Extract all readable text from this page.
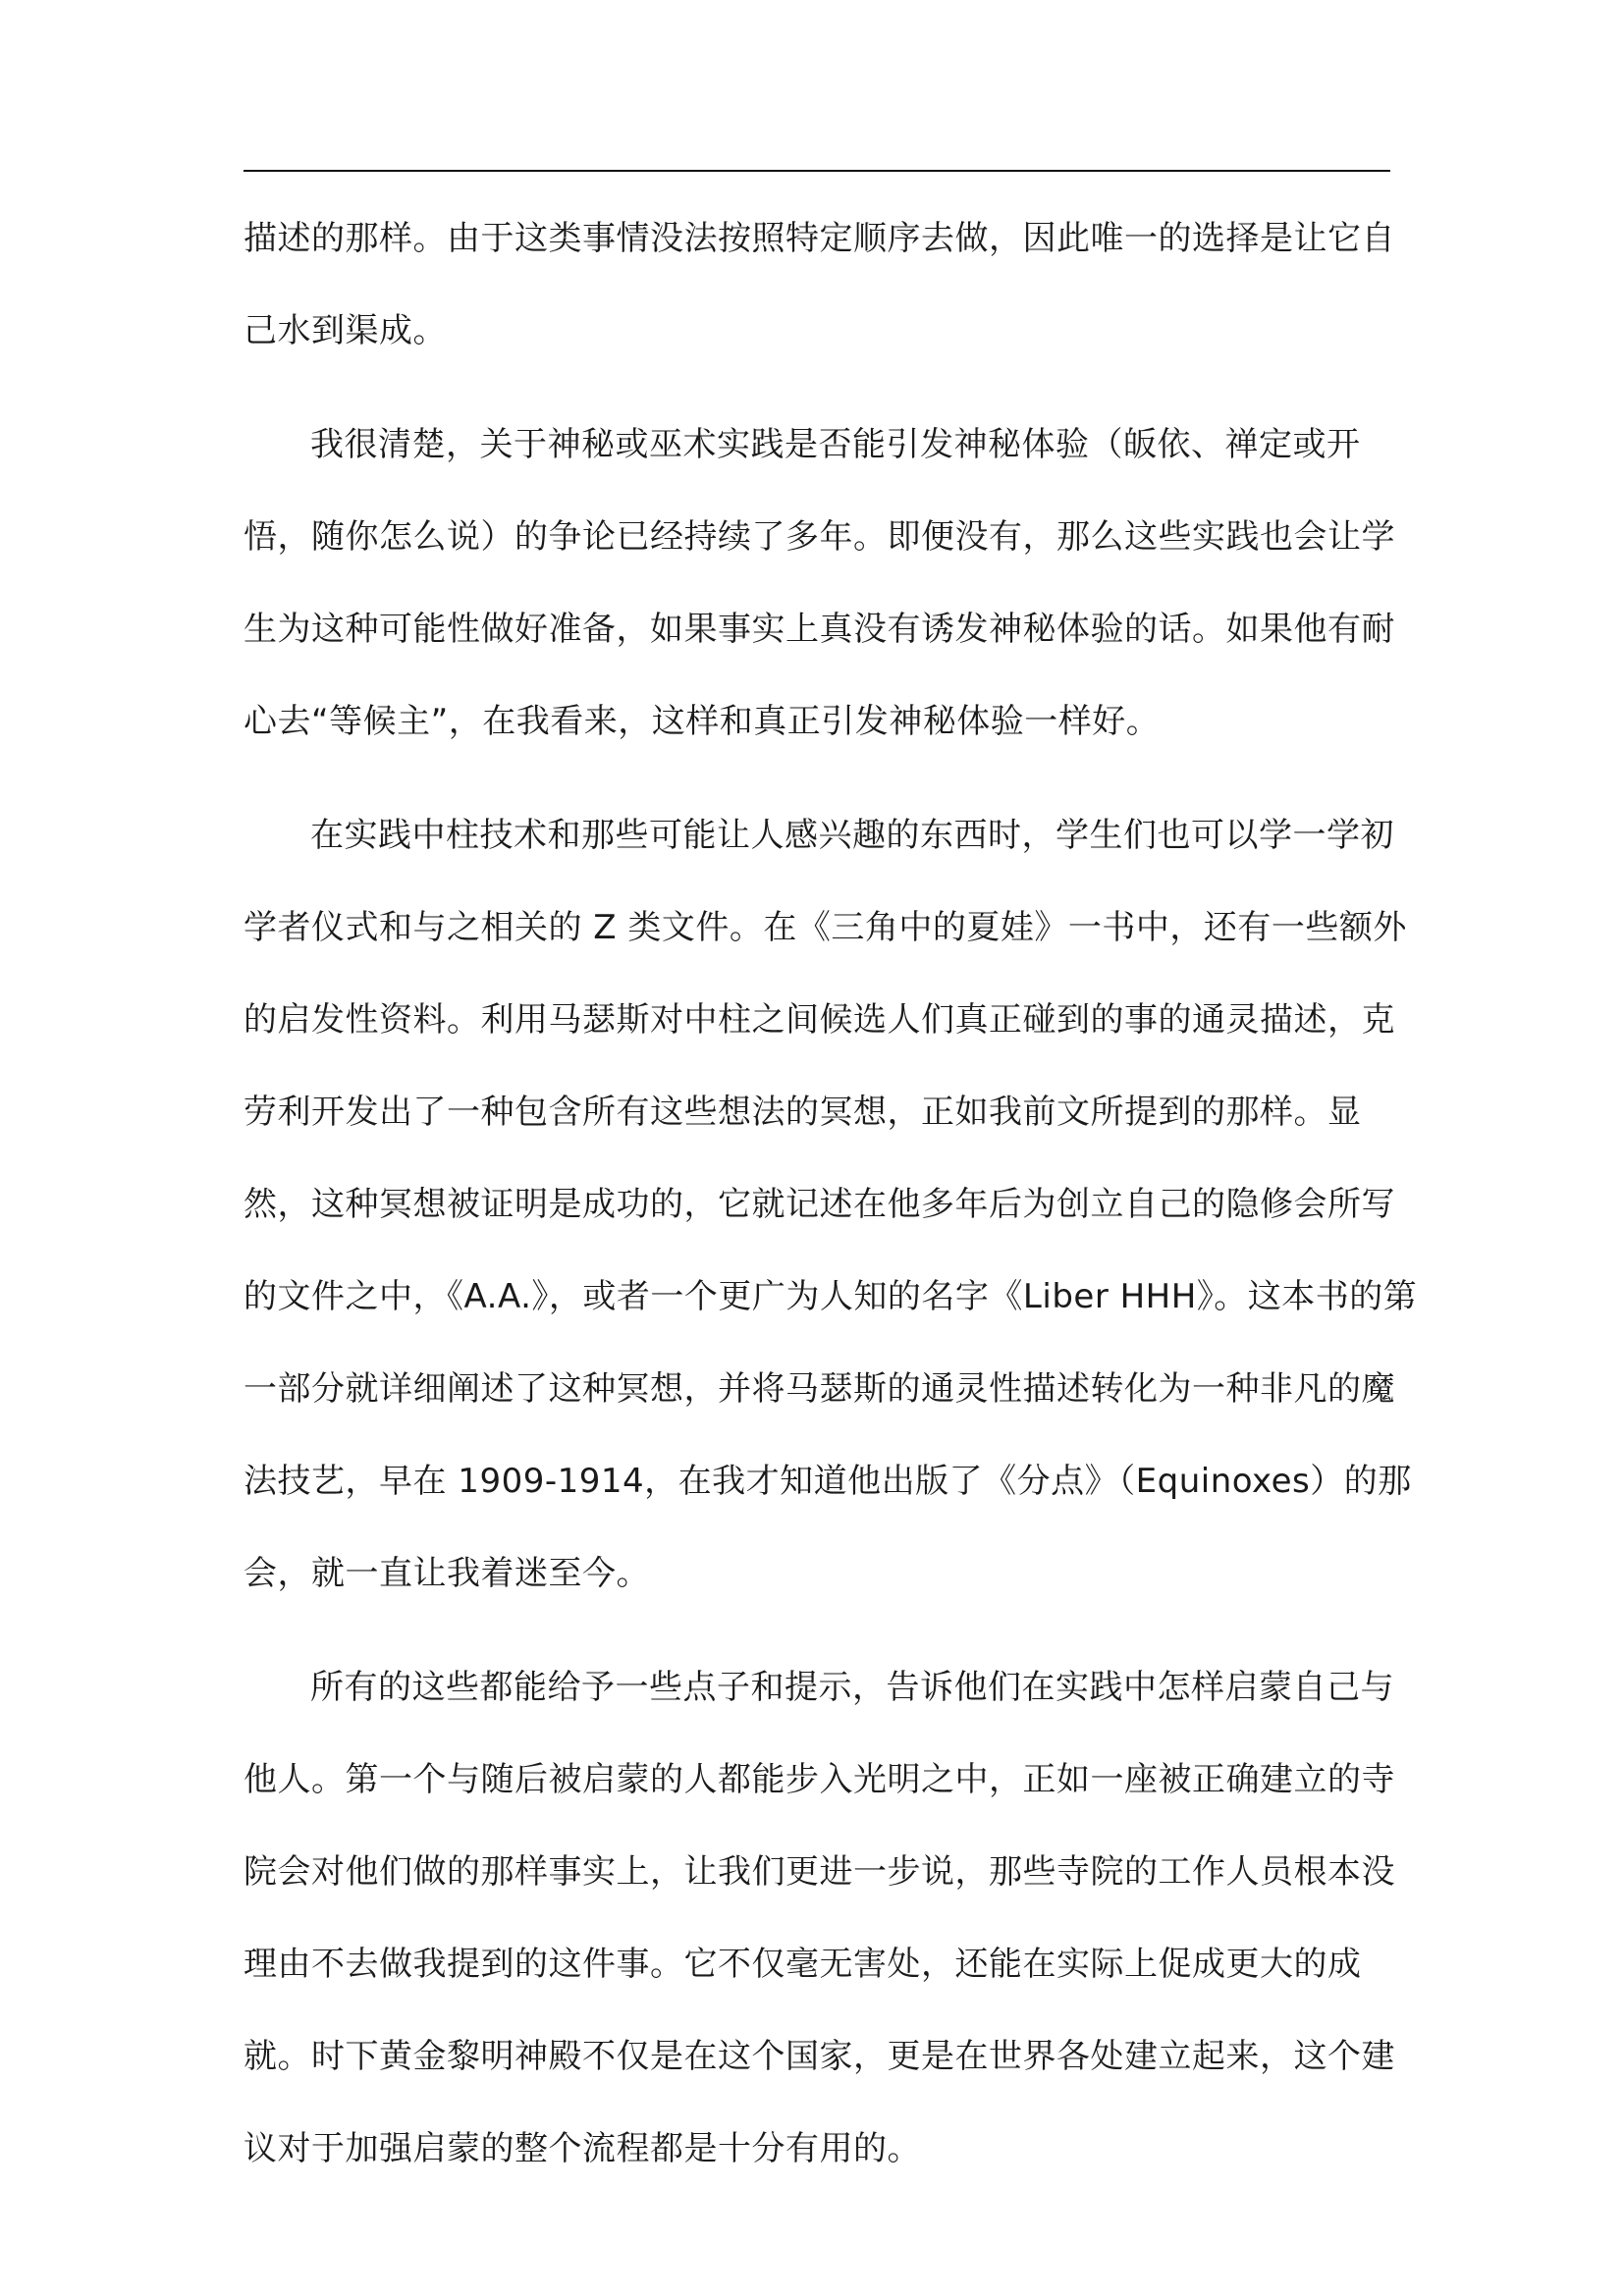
描述的那样。由于这类事情没法按照特定顺序去做，因此唯一的选择是让它自
己水到渠成。

我很清楚，关于神秘或巫术实践是否能引发神秘体验（皈依、禅定或开
悟，随你怎么说）的争论已经持续了多年。即便没有，那么这些实践也会让学
生为这种可能性做好准备，如果事实上真没有诱发神秘体验的话。如果他有耐
心去“等候主”，在我看来，这样和真正引发神秘体验一样好。

在实践中柱技术和那些可能让人感兴趣的东西时，学生们也可以学一学初
学者仪式和与之相关的 Z 类文件。在《三角中的夏娃》一书中，还有一些额外
的启发性资料。利用马瑟斯对中柱之间候选人们真正碰到的事的通灵描述，克
劳利开发出了一种包含所有这些想法的冥想，正如我前文所提到的那样。显
然，这种冥想被证明是成功的，它就记述在他多年后为创立自己的隐修会所写
的文件之中，《A.A.》，或者一个更广为人知的名字《Liber HHH》。这本书的第
一部分就详细阐述了这种冥想，并将马瑟斯的通灵性描述转化为一种非凡的魔
法技艺，早在 1909-1914，在我才知道他出版了《分点》（Equinoxes）的那
会，就一直让我着迷至今。

所有的这些都能给予一些点子和提示，告诉他们在实践中怎样启蒙自己与
他人。第一个与随后被启蒙的人都能步入光明之中，正如一座被正确建立的寺
院会对他们做的那样事实上，让我们更进一步说，那些寺院的工作人员根本没
理由不去做我提到的这件事。它不仅毫无害处，还能在实际上促成更大的成
就。时下黄金黎明神殿不仅是在这个国家，更是在世界各处建立起来，这个建
议对于加强启蒙的整个流程都是十分有用的。
